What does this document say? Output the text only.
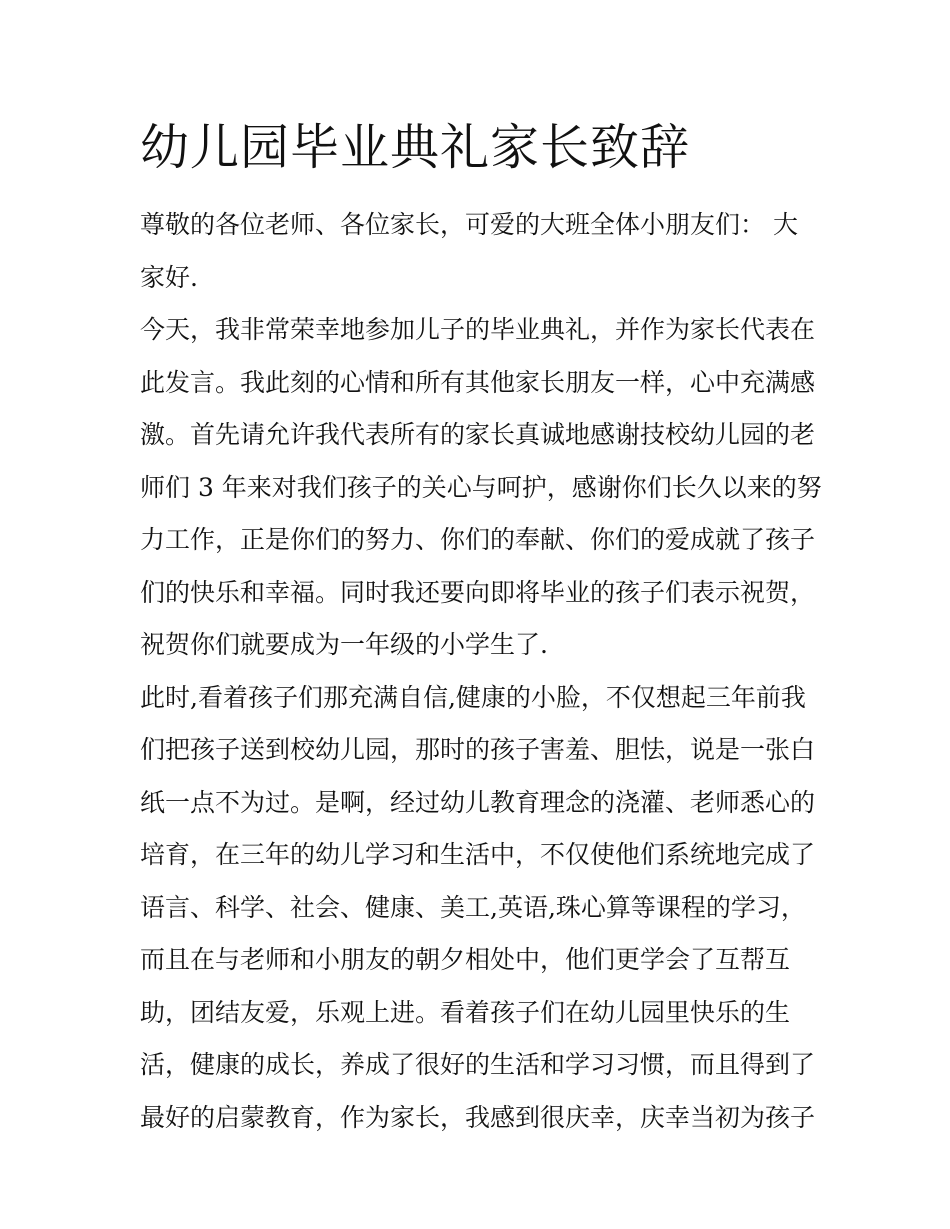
幼儿园毕业典礼家长致辞
尊敬的各位老师、各位家长，可爱的大班全体小朋友们： 大
家好.
今天，我非常荣幸地参加儿子的毕业典礼，并作为家长代表在
此发言。我此刻的心情和所有其他家长朋友一样，心中充满感
激。首先请允许我代表所有的家长真诚地感谢技校幼儿园的老
师们 3 年来对我们孩子的关心与呵护，感谢你们长久以来的努
力工作，正是你们的努力、你们的奉献、你们的爱成就了孩子
们的快乐和幸福。同时我还要向即将毕业的孩子们表示祝贺，
祝贺你们就要成为一年级的小学生了.
此时,看着孩子们那充满自信,健康的小脸，不仅想起三年前我
们把孩子送到校幼儿园，那时的孩子害羞、胆怯，说是一张白
纸一点不为过。是啊，经过幼儿教育理念的浇灌、老师悉心的
培育，在三年的幼儿学习和生活中，不仅使他们系统地完成了
语言、科学、社会、健康、美工,英语,珠心算等课程的学习，
而且在与老师和小朋友的朝夕相处中，他们更学会了互帮互
助，团结友爱，乐观上进。看着孩子们在幼儿园里快乐的生
活，健康的成长，养成了很好的生活和学习习惯，而且得到了
最好的启蒙教育，作为家长，我感到很庆幸，庆幸当初为孩子
